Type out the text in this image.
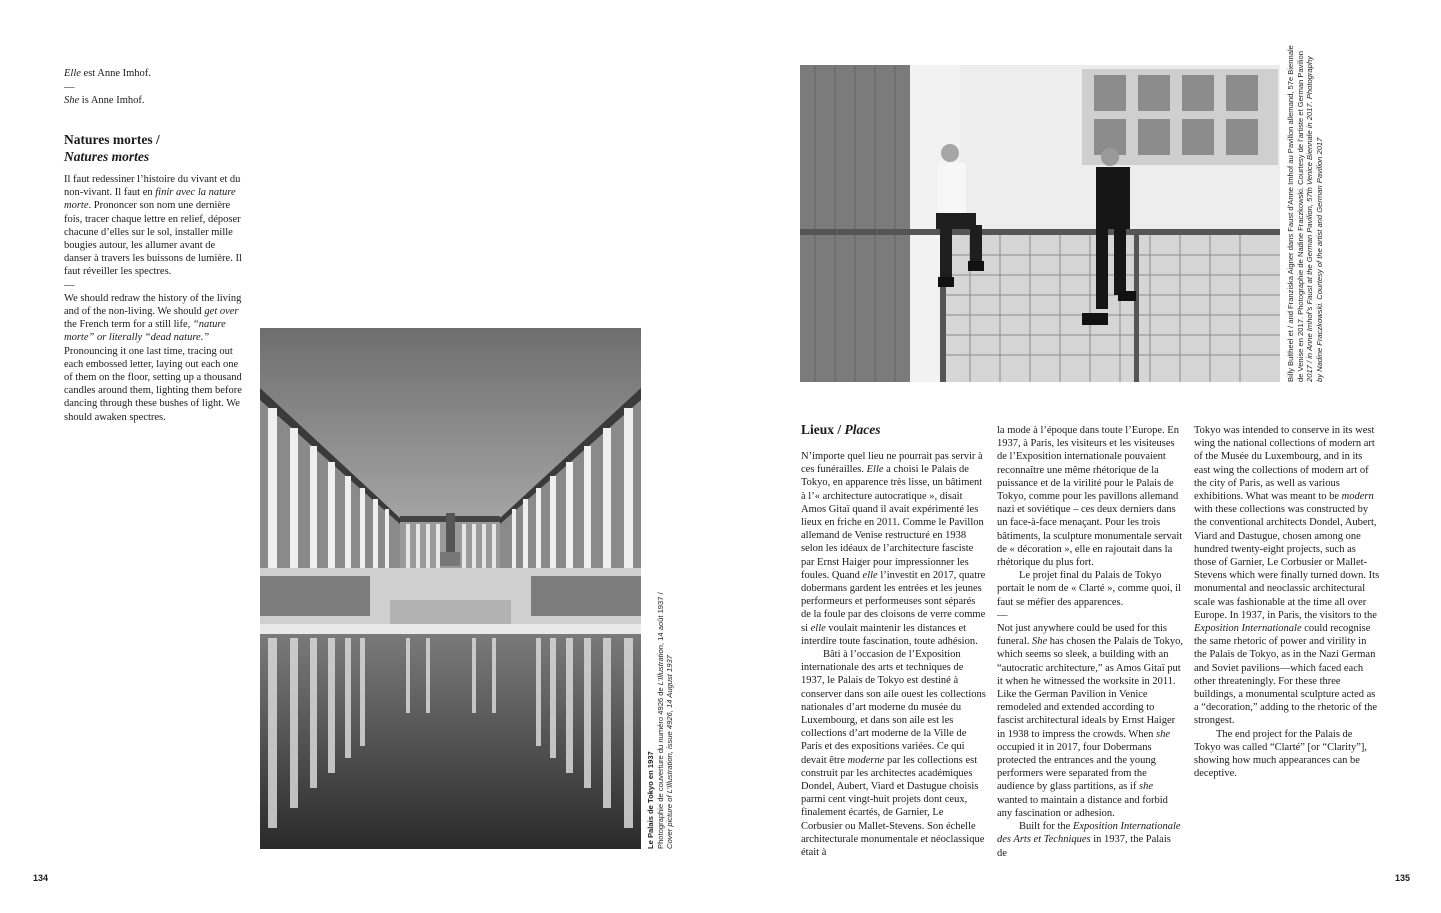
Elle est Anne Imhof.

—

She is Anne Imhof.

Natures mortes /
Natures mortes

Il faut redessiner l’histoire du vivant et du non-vivant. Il faut en finir avec la nature morte. Prononcer son nom une dernière fois, tracer chaque lettre en relief, déposer chacune d’elles sur le sol, installer mille bougies autour, les allumer avant de danser à travers les buissons de lumière. Il faut réveiller les spectres.

—

We should redraw the history of the living and of the non-living. We should get over the French term for a still life, “nature morte” or literally “dead nature.” Pronouncing it one last time, tracing out each embossed letter, laying out each one of them on the floor, setting up a thousand candles around them, lighting them before dancing through these bushes of light. We should awaken spectres.

Le Palais de Tokyo en 1937 Photographie de couverture du numéro 4926 de L’Illustration, 14 août 1937 /
Cover picture of L’Illustration, issue 4926, 14 August 1937
134
Billy Bultheel et / and Franziska Aigner dans Faust d’Anne Imhof au Pavillon allemand, 57e Biennale de Venise en 2017. Photographie de Nadine Fraczkowski. Courtesy de l’artiste et German Pavilion 2017 / in Anne Imhof’s Faust at the German Pavilion, 57th Venice Biennale in 2017. Photography by Nadine Fraczkowski. Courtesy of the artist and German Pavilion 2017
Lieux / Places

N’importe quel lieu ne pourrait pas servir à ces funérailles. Elle a choisi le Palais de Tokyo, en apparence très lisse, un bâtiment à l’« architecture autocratique », disait Amos Gitaï quand il avait expérimenté les lieux en friche en 2011. Comme le Pavillon allemand de Venise restructuré en 1938 selon les idéaux de l’architecture fasciste par Ernst Haiger pour impressionner les foules. Quand elle l’investit en 2017, quatre dobermans gardent les entrées et les jeunes performeurs et performeuses sont séparés de la foule par des cloisons de verre comme si elle voulait maintenir les distances et interdire toute fascination, toute adhésion.

Bâti à l’occasion de l’Exposition internationale des arts et techniques de 1937, le Palais de Tokyo est destiné à conserver dans son aile ouest les collections nationales d’art moderne du musée du Luxembourg, et dans son aile est les collections d’art moderne de la Ville de Paris et des expositions variées. Ce qui devait être moderne par les collections est construit par les architectes académiques Dondel, Aubert, Viard et Dastugue choisis parmi cent vingt-huit projets dont ceux, finalement écartés, de Garnier, Le Corbusier ou Mallet-Stevens. Son échelle architecturale monumentale et néoclassique était à

la mode à l’époque dans toute l’Europe. En 1937, à Paris, les visiteurs et les visiteuses de l’Exposition internationale pouvaient reconnaître une même rhétorique de la puissance et de la virilité pour le Palais de Tokyo, comme pour les pavillons allemand nazi et soviétique – ces deux derniers dans un face-à-face menaçant. Pour les trois bâtiments, la sculpture monumentale servait de « décoration », elle en rajoutait dans la rhétorique du plus fort.

Le projet final du Palais de Tokyo portait le nom de « Clarté », comme quoi, il faut se méfier des apparences.

—

Not just anywhere could be used for this funeral. She has chosen the Palais de Tokyo, which seems so sleek, a building with an “autocratic architecture,” as Amos Gitaï put it when he witnessed the worksite in 2011. Like the German Pavilion in Venice remodeled and extended according to fascist architectural ideals by Ernst Haiger in 1938 to impress the crowds. When she occupied it in 2017, four Dobermans protected the entrances and the young performers were separated from the audience by glass partitions, as if she wanted to maintain a distance and forbid any fascination or adhesion.

Built for the Exposition Internationale des Arts et Techniques in 1937, the Palais de

Tokyo was intended to conserve in its west wing the national collections of modern art of the Musée du Luxembourg, and in its east wing the collections of modern art of the city of Paris, as well as various exhibitions. What was meant to be modern with these collections was constructed by the conventional architects Dondel, Aubert, Viard and Dastugue, chosen among one hundred twenty-eight projects, such as those of Garnier, Le Corbusier or Mallet-Stevens which were finally turned down. Its monumental and neoclassic architectural scale was fashionable at the time all over Europe. In 1937, in Paris, the visitors to the Exposition Internationale could recognise the same rhetoric of power and virility in the Palais de Tokyo, as in the Nazi German and Soviet pavilions—which faced each other threateningly. For these three buildings, a monumental sculpture acted as a “decoration,” adding to the rhetoric of the strongest.

The end project for the Palais de Tokyo was called “Clarté” [or “Clarity”], showing how much appearances can be deceptive.

135
